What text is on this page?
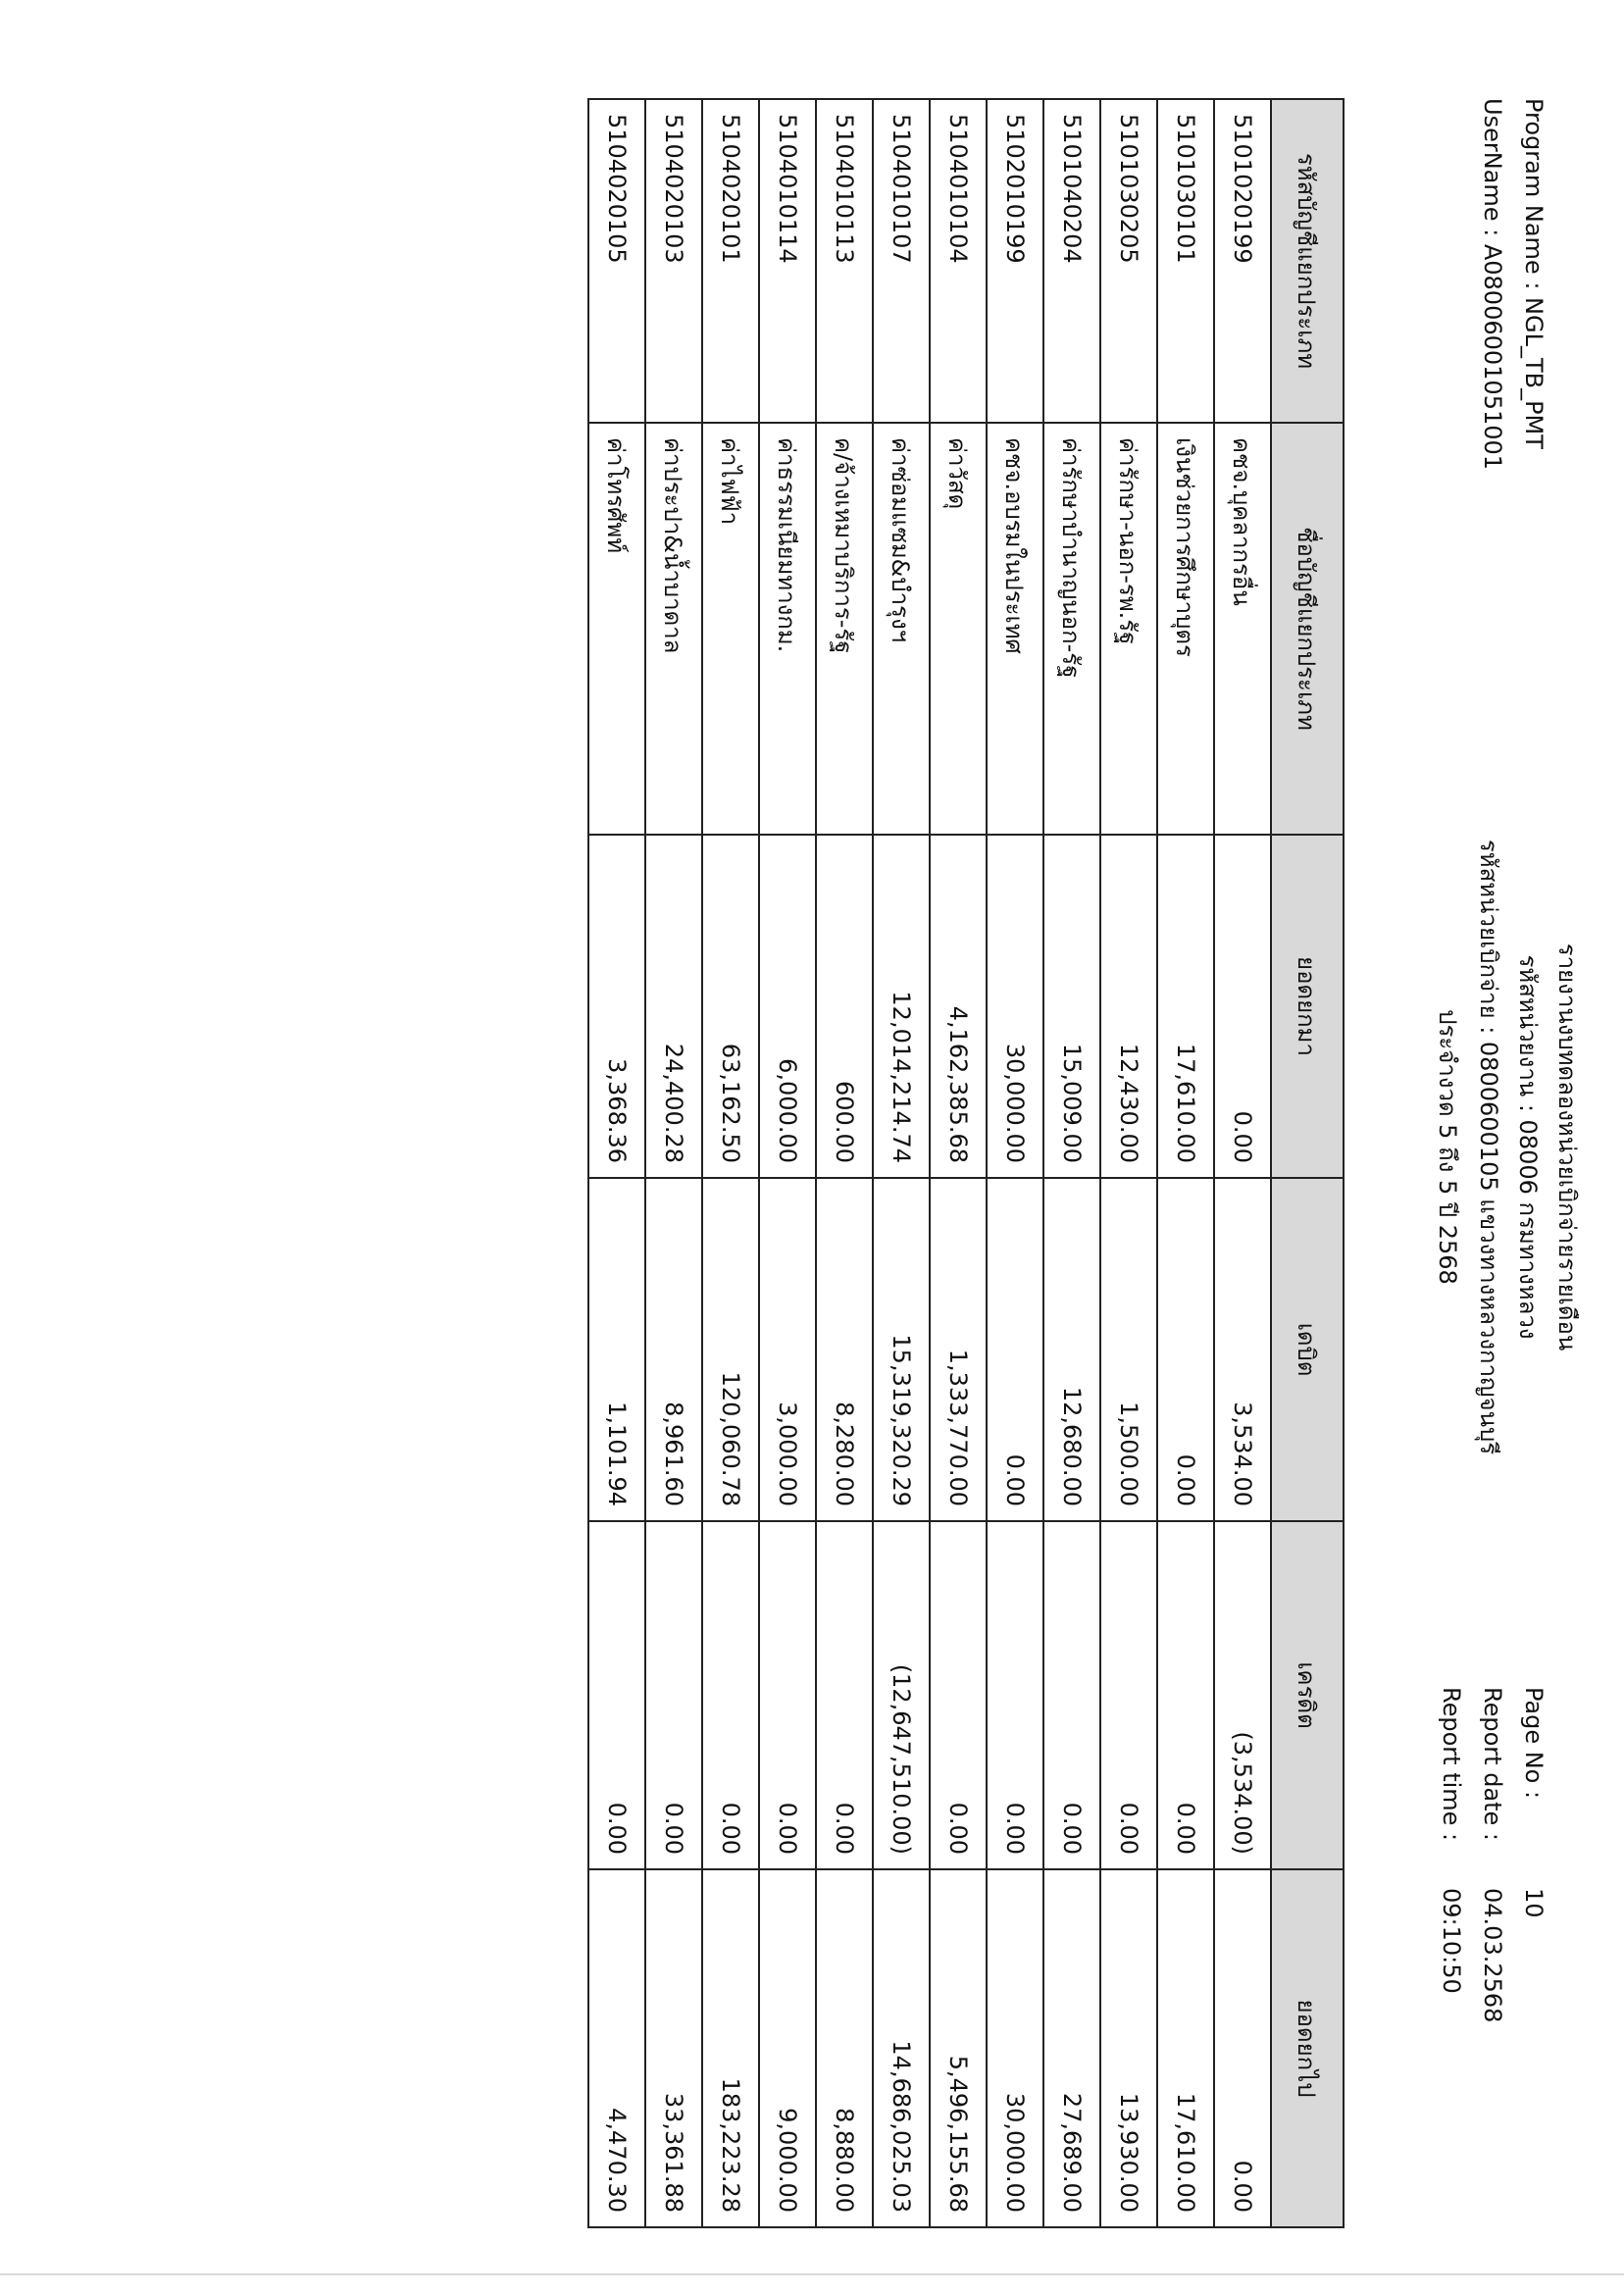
รายงานงบทดลองหน่วยเบิกจ่ายรายเดือน
รหัสหน่วยงาน : 08006 กรมทางหลวง
รหัสหน่วยเบิกจ่าย : 0800600105 แขวงทางหลวงกาญจนบุรี
ประจำงวด 5 ถึง 5 ปี 2568
Program Name : NGL_TB_PMT
UserName : A080060010510​01
Page No :
10
Report date :
04.03.2568
Report time :
09:10:50
รหัสบัญชีแยกประเภท	ชื่อบัญชีแยกประเภท	ยอดยกมา	เดบิต	เครดิต	ยอดยกไป
5101020199	คชจ.บุคลากรอื่น	0.00	3,534.00	(3,534.00)	0.00
5101030101	เงินช่วยการศึกษาบุตร	17,610.00	0.00	0.00	17,610.00
5101030205	ค่ารักษา-นอก-รพ.รัฐ	12,430.00	1,500.00	0.00	13,930.00
5101040204	ค่ารักษาบำนาญนอก-รัฐ	15,009.00	12,680.00	0.00	27,689.00
5102010199	คชจ.อบรมในประเทศ	30,000.00	0.00	0.00	30,000.00
5104010104	ค่าวัสดุ	4,162,385.68	1,333,770.00	0.00	5,496,155.68
5104010107	ค่าซ่อมแซม&บำรุงฯ	12,014,214.74	15,319,320.29	(12,647,510.00)	14,686,025.03
5104010113	ค/จ้างเหมาบริการ-รัฐ	600.00	8,280.00	0.00	8,880.00
5104010114	ค่าธรรมเนียมทางกม.	6,000.00	3,000.00	0.00	9,000.00
5104020101	ค่าไฟฟ้า	63,162.50	120,060.78	0.00	183,223.28
5104020103	ค่าประปา&น้ำบาดาล	24,400.28	8,961.60	0.00	33,361.88
5104020105	ค่าโทรศัพท์	3,368.36	1,101.94	0.00	4,470.30
